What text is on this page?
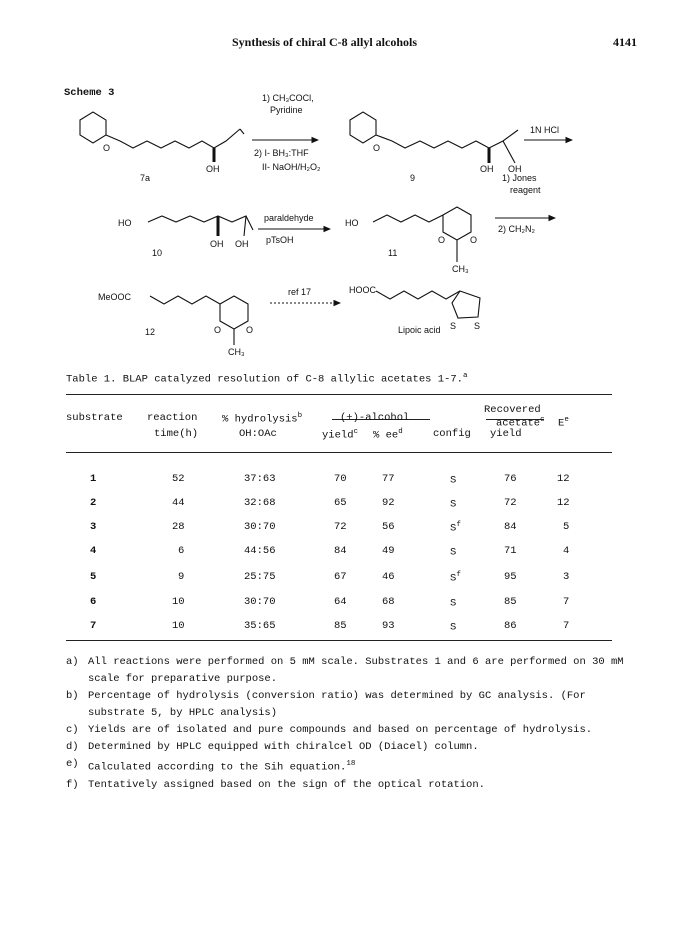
Synthesis of chiral C-8 allyl alcohols	4141
Scheme 3
O
OH
7a
1) CH₃COCl,
Pyridine
2) I- BH₃:THF
II- NaOH/H₂O₂
O
OH OH
9
1N HCl
HO
OH OH
10
paraldehyde
pTsOH
HO
O	O
CH₃
11
1) Jones
reagent
2) CH₂N₂
MeOOC
O	O
CH₃
12
ref 17	HOOC
S S
Lipoic acid
Table 1. BLAP catalyzed resolution of C-8 allylic acetates 1-7.$^a$
substrate reaction
time(h)
% hydrolysis$^b$
OH:OAc
(+)-alcohol
yield$^c$ % $ee^d$	config
Recovered
acetate$^c$
yield
$E^e$
1	52	37:63	70	77	S	76	12
2	44	32:68	65	92	S	72	12
3	28	30:70	72	56	$S^f$	84	5
4	6	44:56	84	49	S	71	4
5	9	25:75	67	46	$S^f$	95	3
6	10	30:70	64	68	S	85	7
7	10	35:65	85	93	S	86	7
a) All reactions were performed on 5 mM scale. Substrates 1 and 6 are performed on 30 mM scale for preparative purpose.
b) Percentage of hydrolysis (conversion ratio) was determined by GC analysis. (For substrate 5, by HPLC analysis)
c) Yields are of isolated and pure compounds and based on percentage of hydrolysis.
d) Determined by HPLC equipped with chiralcel OD (Diacel) column.
e) Calculated according to the Sih equation.$^{18}$
f) Tentatively assigned based on the sign of the optical rotation.
